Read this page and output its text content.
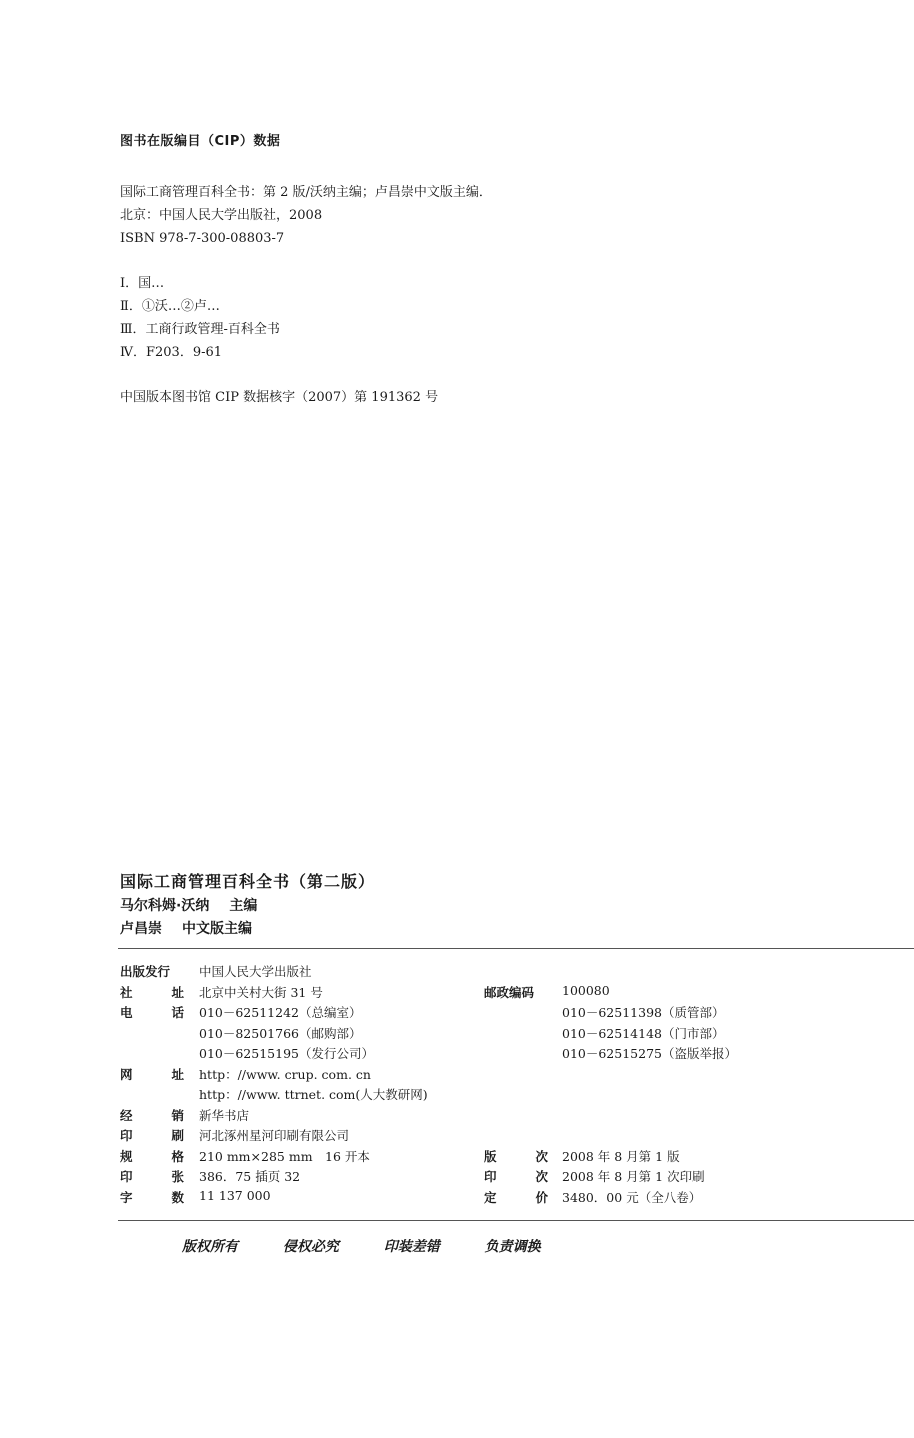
图书在版编目（CIP）数据
国际工商管理百科全书：第 2 版/沃纳主编；卢昌崇中文版主编．
北京：中国人民大学出版社，2008
ISBN 978-7-300-08803-7
Ⅰ．国…
Ⅱ．①沃…②卢…
Ⅲ．工商行政管理-百科全书
Ⅳ．F203．9-61
中国版本图书馆 CIP 数据核字（2007）第 191362 号
国际工商管理百科全书（第二版）
马尔科姆·沃纳 主编
卢昌崇 中文版主编
出版发行	中国人民大学出版社
社	址 北京中关村大街 31 号	邮政编码	100080
电	话 010－62511242（总编室）	010－62511398（质管部）
010－82501766（邮购部）	010－62514148（门市部）
010－62515195（发行公司）	010－62515275（盗版举报）
网	址 http：//www. crup. com. cn
http：//www. ttrnet. com(人大教研网)
经	销 新华书店
印	刷 河北涿州星河印刷有限公司
规	格 210 mm×285 mm　16 开本	版	次 2008 年 8 月第 1 版
印	张 386．75 插页 32	印	次 2008 年 8 月第 1 次印刷
字	数 11 137 000	定	价 3480．00 元（全八卷）
版权所有	侵权必究	印装差错	负责调换
